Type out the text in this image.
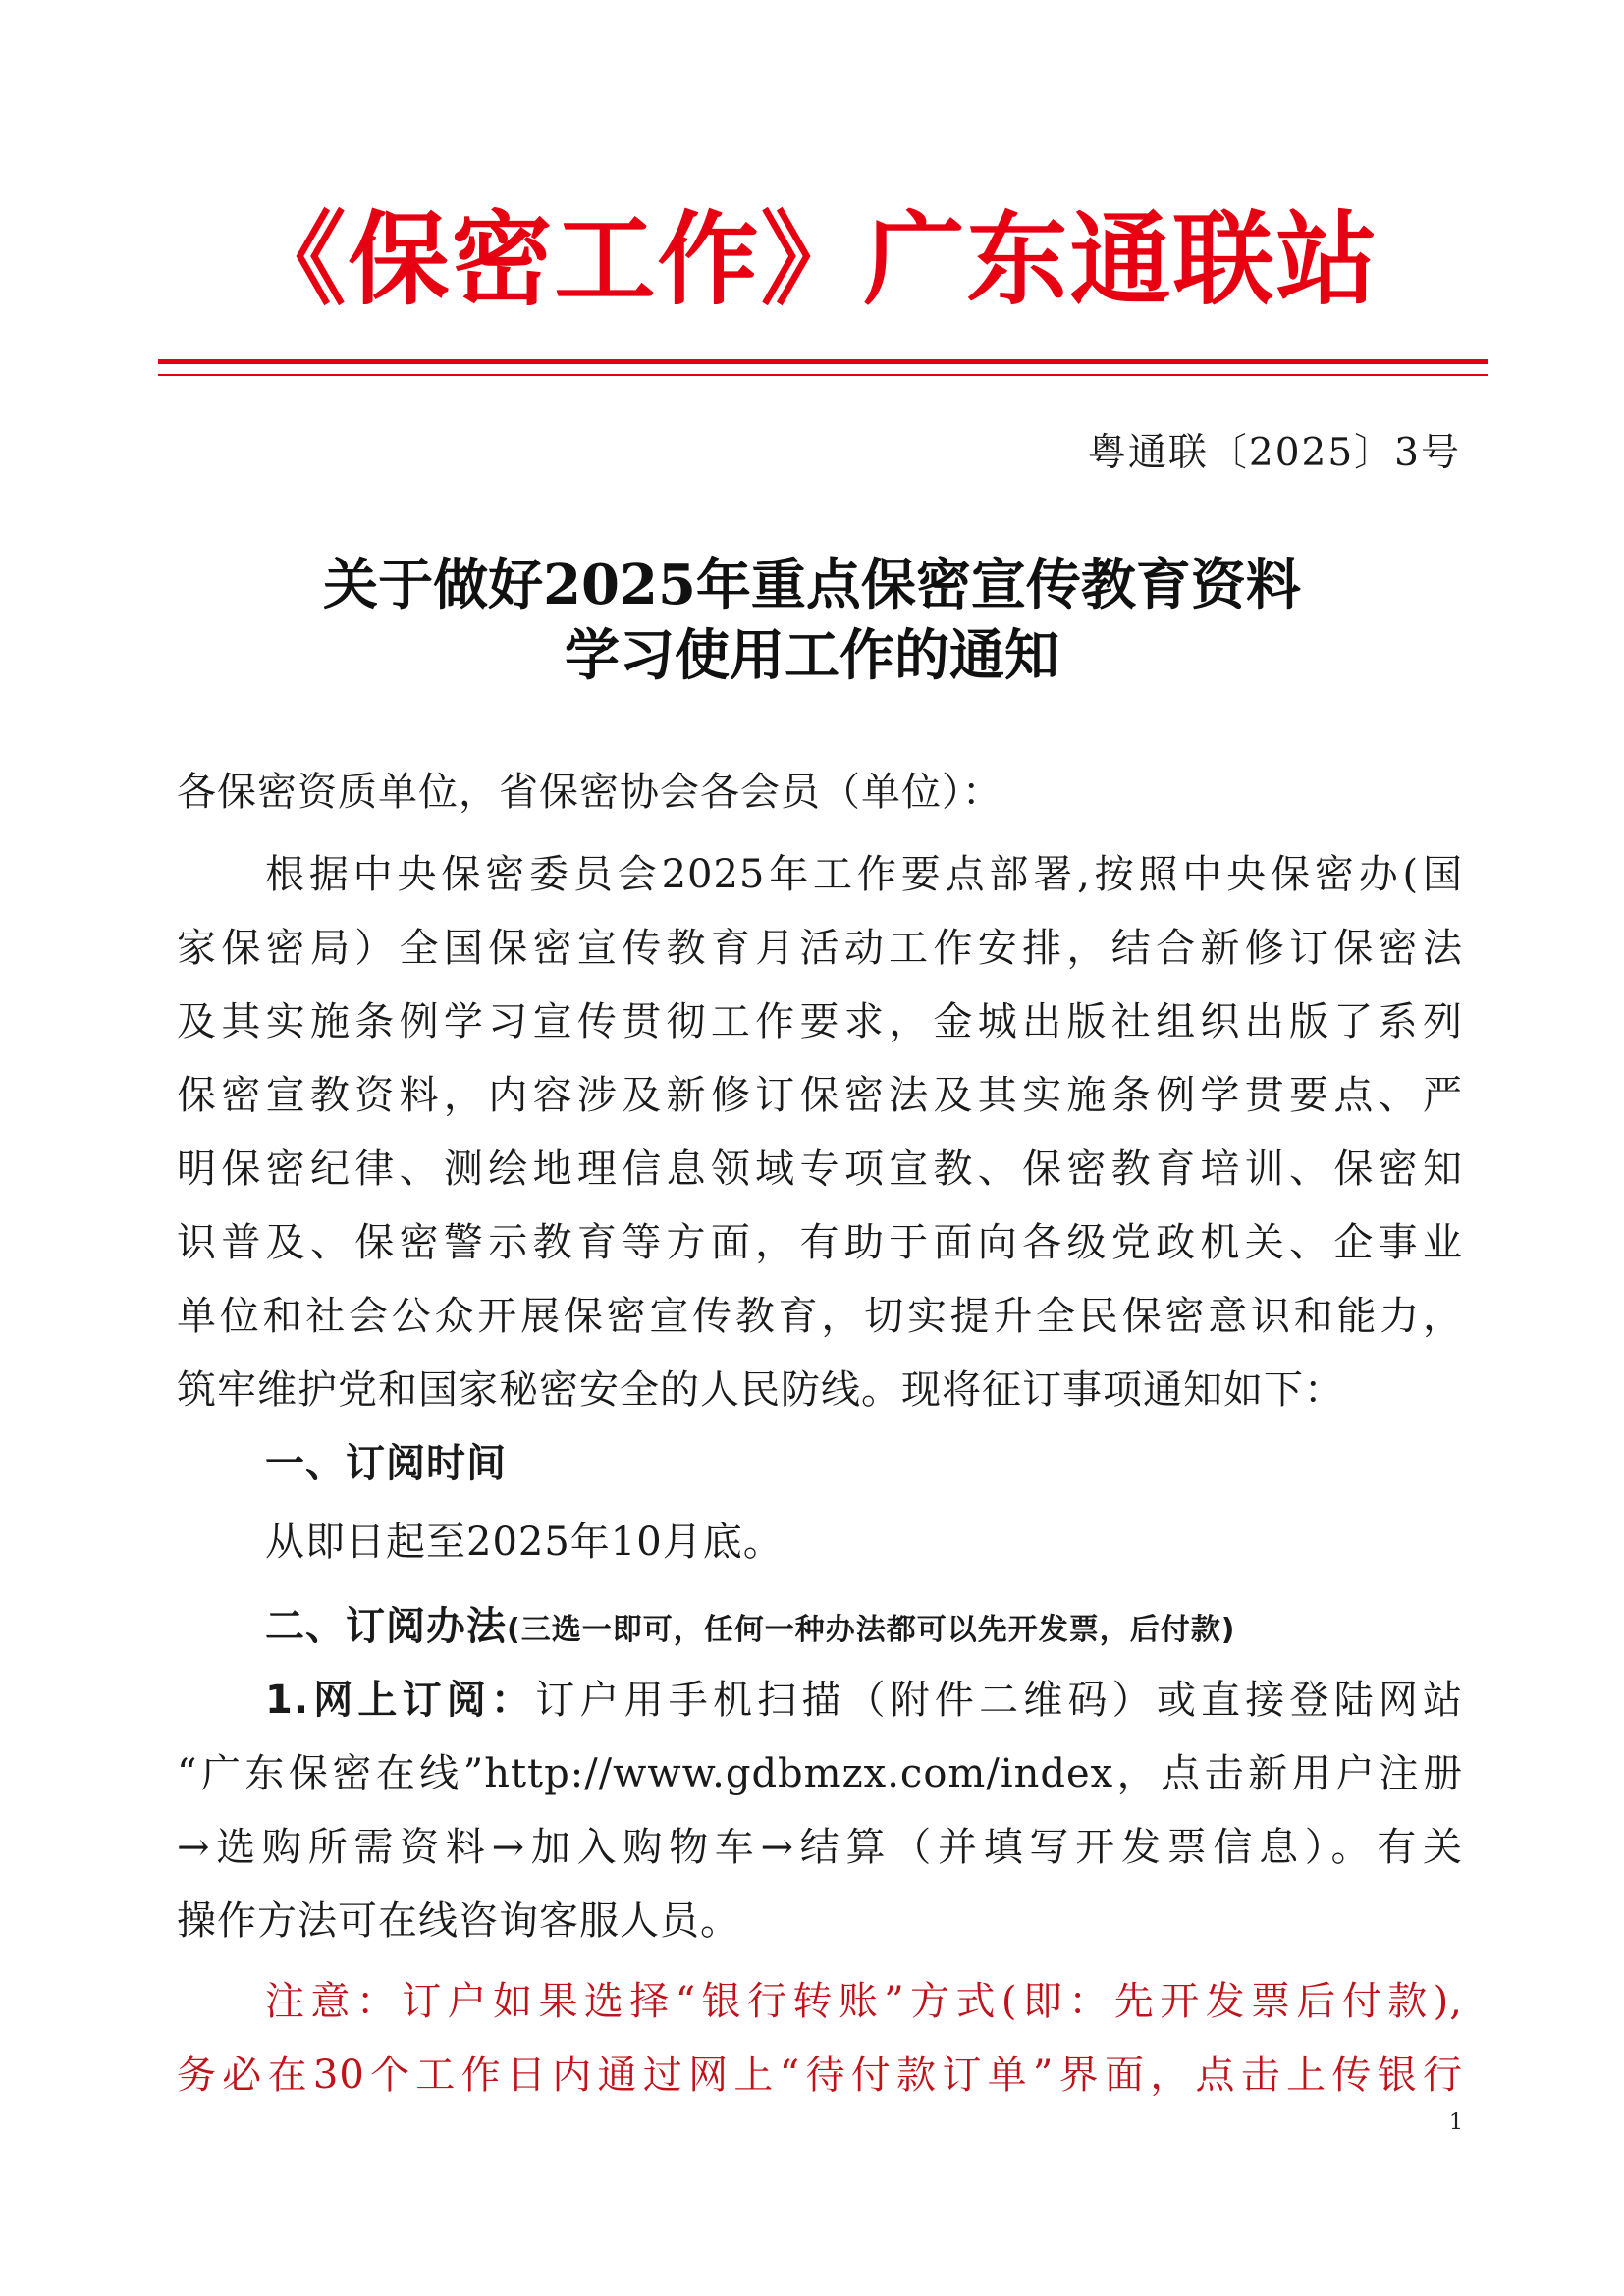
《保密工作》广东通联站
粤通联〔2025〕3号
关于做好2025年重点保密宣传教育资料
学习使用工作的通知
各保密资质单位，省保密协会各会员（单位）：
根据中央保密委员会2025年工作要点部署,按照中央保密办(国
家保密局）全国保密宣传教育月活动工作安排，结合新修订保密法
及其实施条例学习宣传贯彻工作要求，金城出版社组织出版了系列
保密宣教资料，内容涉及新修订保密法及其实施条例学贯要点、严
明保密纪律、测绘地理信息领域专项宣教、保密教育培训、保密知
识普及、保密警示教育等方面，有助于面向各级党政机关、企事业
单位和社会公众开展保密宣传教育，切实提升全民保密意识和能力，
筑牢维护党和国家秘密安全的人民防线。现将征订事项通知如下：
一、订阅时间
从即日起至2025年10月底。
二、订阅办法(三选一即可，任何一种办法都可以先开发票，后付款)
1.网上订阅：订户用手机扫描（附件二维码）或直接登陆网站
“广东保密在线”http://www.gdbmzx.com/index，点击新用户注册
→选购所需资料→加入购物车→结算（并填写开发票信息）。有关
操作方法可在线咨询客服人员。
注意：订户如果选择“银行转账”方式(即：先开发票后付款),
务必在30个工作日内通过网上“待付款订单”界面，点击上传银行
1
